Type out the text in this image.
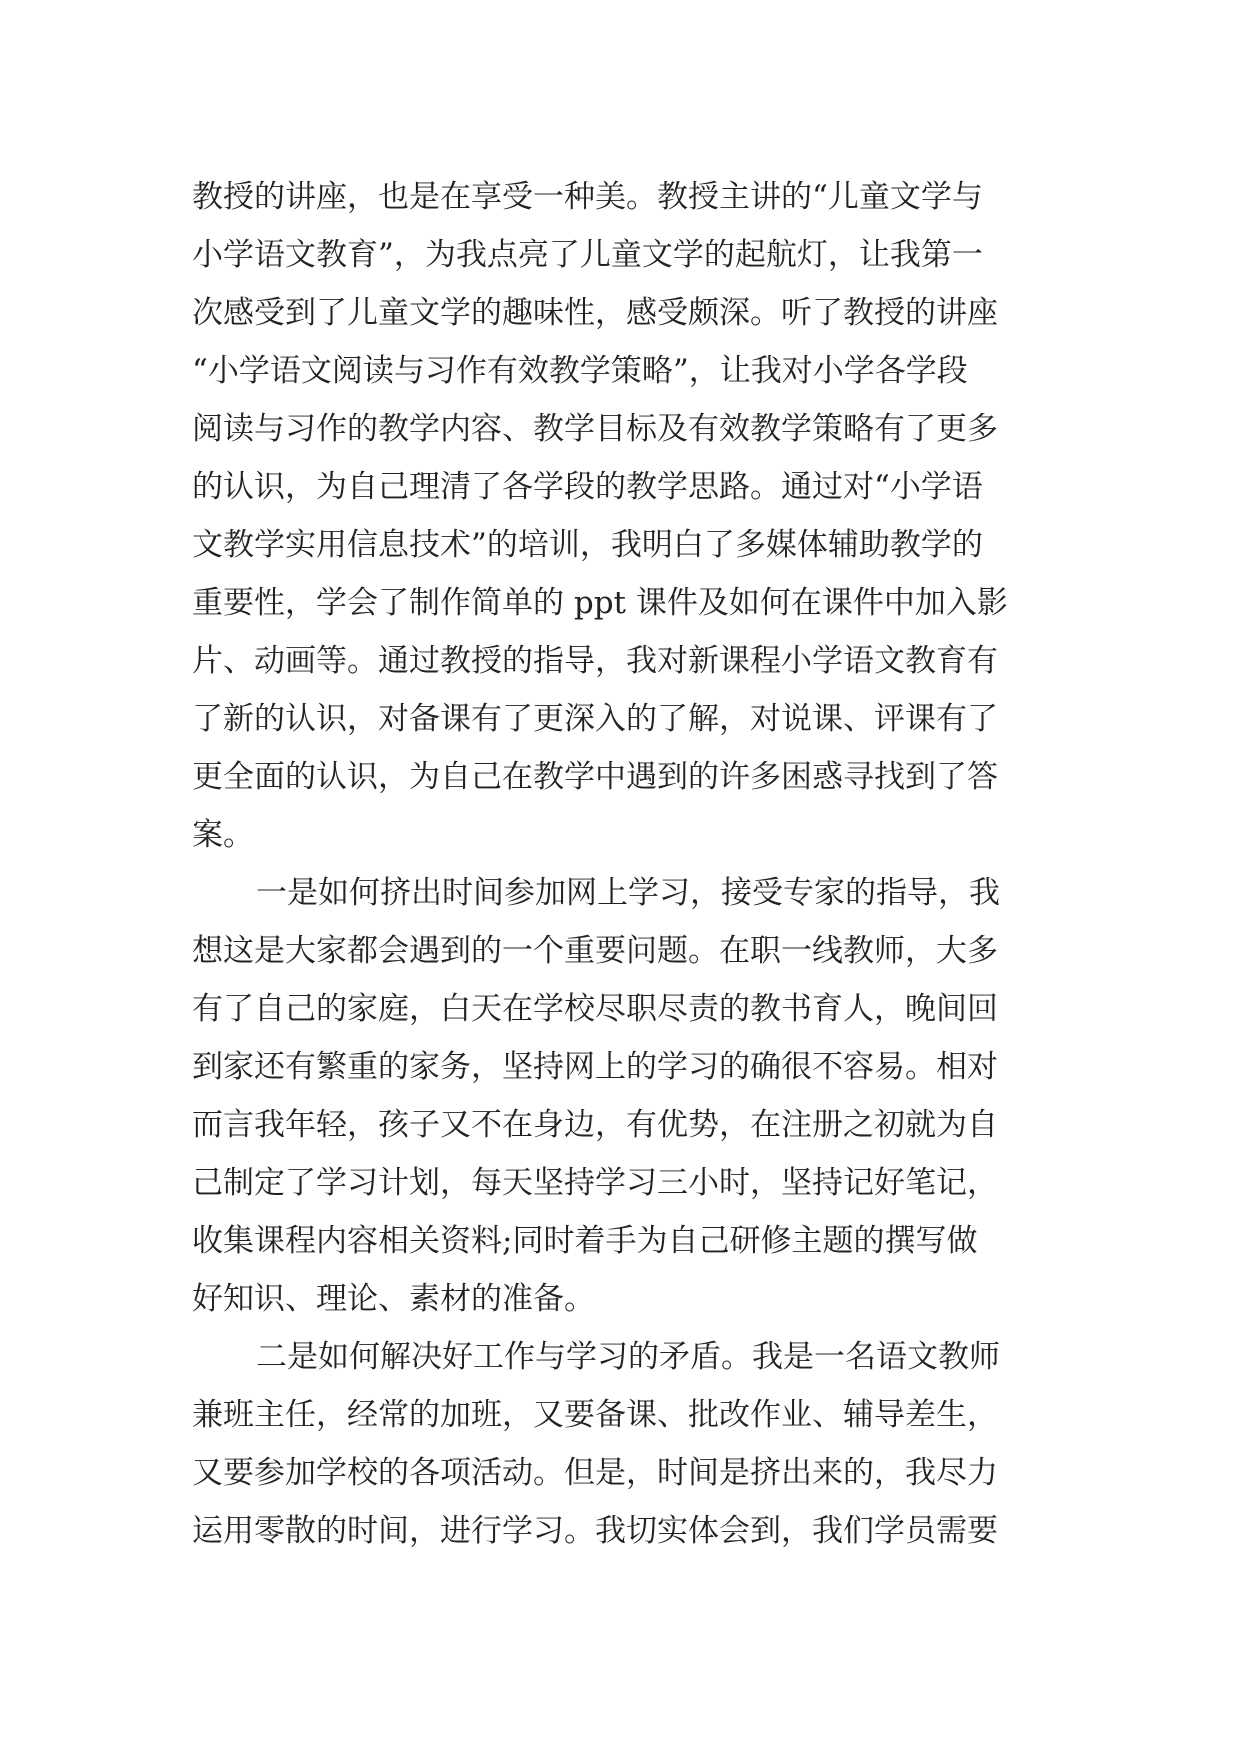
教授的讲座，也是在享受一种美。教授主讲的“儿童文学与
小学语文教育”，为我点亮了儿童文学的起航灯，让我第一
次感受到了儿童文学的趣味性，感受颇深。听了教授的讲座
“小学语文阅读与习作有效教学策略”，让我对小学各学段
阅读与习作的教学内容、教学目标及有效教学策略有了更多
的认识，为自己理清了各学段的教学思路。通过对“小学语
文教学实用信息技术”的培训，我明白了多媒体辅助教学的
重要性，学会了制作简单的 ppt 课件及如何在课件中加入影
片、动画等。通过教授的指导，我对新课程小学语文教育有
了新的认识，对备课有了更深入的了解，对说课、评课有了
更全面的认识，为自己在教学中遇到的许多困惑寻找到了答
案。
一是如何挤出时间参加网上学习，接受专家的指导，我
想这是大家都会遇到的一个重要问题。在职一线教师，大多
有了自己的家庭，白天在学校尽职尽责的教书育人，晚间回
到家还有繁重的家务，坚持网上的学习的确很不容易。相对
而言我年轻，孩子又不在身边，有优势，在注册之初就为自
己制定了学习计划，每天坚持学习三小时，坚持记好笔记，
收集课程内容相关资料;同时着手为自己研修主题的撰写做
好知识、理论、素材的准备。
二是如何解决好工作与学习的矛盾。我是一名语文教师
兼班主任，经常的加班，又要备课、批改作业、辅导差生，
又要参加学校的各项活动。但是，时间是挤出来的，我尽力
运用零散的时间，进行学习。我切实体会到，我们学员需要
